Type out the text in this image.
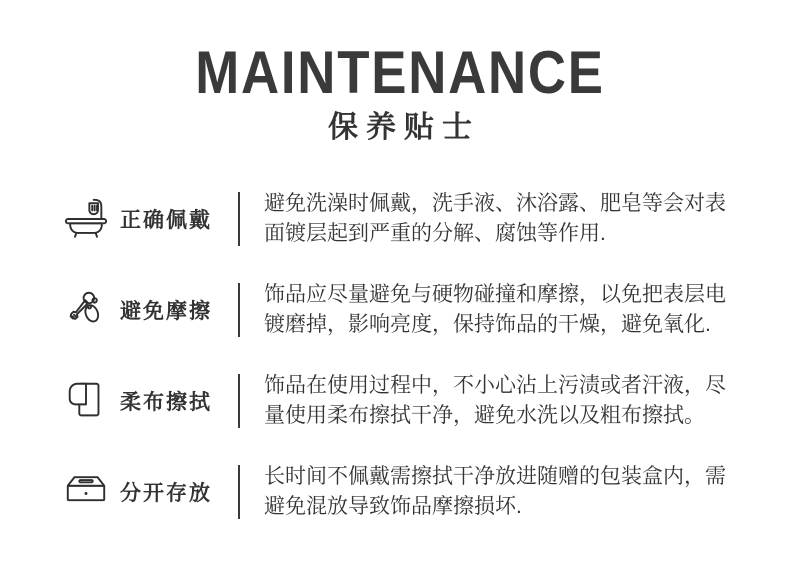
MAINTENANCE
保养贴士
正确佩戴
避免洗澡时佩戴，洗手液、沐浴露、肥皂等会对表
面镀层起到严重的分解、腐蚀等作用.
避免摩擦
饰品应尽量避免与硬物碰撞和摩擦，以免把表层电
镀磨掉，影响亮度，保持饰品的干燥，避免氧化.
柔布擦拭
饰品在使用过程中，不小心沾上污渍或者汗液，尽
量使用柔布擦拭干净，避免水洗以及粗布擦拭。
分开存放
长时间不佩戴需擦拭干净放进随赠的包装盒内，需
避免混放导致饰品摩擦损坏.
